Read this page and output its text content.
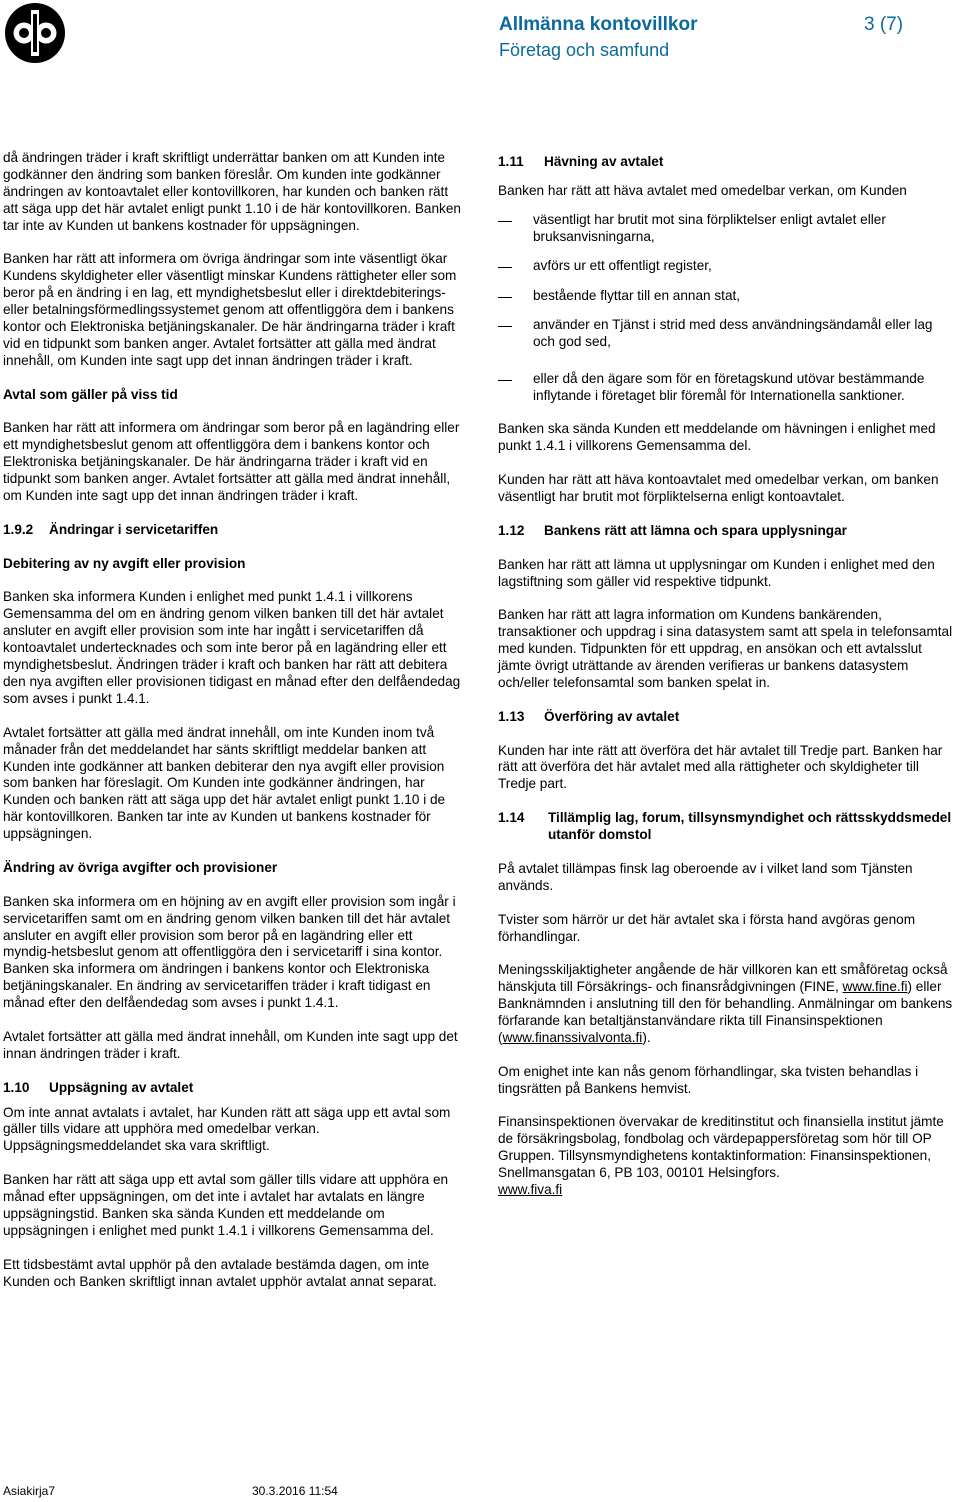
Allmänna kontovillkor
Företag och samfund
3 (7)

då ändringen träder i kraft skriftligt underrättar banken om att Kunden inte godkänner den ändring som banken föreslår. Om kunden inte godkänner ändringen av kontoavtalet eller kontovillkoren, har kunden och banken rätt att säga upp det här avtalet enligt punkt 1.10 i de här kontovillkoren. Banken tar inte av Kunden ut bankens kostnader för uppsägningen.

Banken har rätt att informera om övriga ändringar som inte väsentligt ökar Kundens skyldigheter eller väsentligt minskar Kundens rättigheter eller som beror på en ändring i en lag, ett myndighetsbeslut eller i direktdebiterings- eller betalningsförmedlingssystemet genom att offentliggöra dem i bankens kontor och Elektroniska betjäningskanaler. De här ändringarna träder i kraft vid en tidpunkt som banken anger. Avtalet fortsätter att gälla med ändrat innehåll, om Kunden inte sagt upp det innan ändringen träder i kraft.

Avtal som gäller på viss tid

Banken har rätt att informera om ändringar som beror på en lagändring eller ett myndighetsbeslut genom att offentliggöra dem i bankens kontor och Elektroniska betjäningskanaler. De här ändringarna träder i kraft vid en tidpunkt som banken anger. Avtalet fortsätter att gälla med ändrat innehåll, om Kunden inte sagt upp det innan ändringen träder i kraft.

1.9.2 Ändringar i servicetariffen
Debitering av ny avgift eller provision

Banken ska informera Kunden i enlighet med punkt 1.4.1 i villkorens Gemensamma del om en ändring genom vilken banken till det här avtalet ansluter en avgift eller provision som inte har ingått i servicetariffen då kontoavtalet undertecknades och som inte beror på en lagändring eller ett myndighetsbeslut. Ändringen träder i kraft och banken har rätt att debitera den nya avgiften eller provisionen tidigast en månad efter den delfåendedag som avses i punkt 1.4.1.

Avtalet fortsätter att gälla med ändrat innehåll, om inte Kunden inom två månader från det meddelandet har sänts skriftligt meddelar banken att Kunden inte godkänner att banken debiterar den nya avgift eller provision som banken har föreslagit. Om Kunden inte godkänner ändringen, har Kunden och banken rätt att säga upp det här avtalet enligt punkt 1.10 i de här kontovillkoren. Banken tar inte av Kunden ut bankens kostnader för uppsägningen.

Ändring av övriga avgifter och provisioner

Banken ska informera om en höjning av en avgift eller provision som ingår i servicetariffen samt om en ändring genom vilken banken till det här avtalet ansluter en avgift eller provision som beror på en lagändring eller ett myndig-hetsbeslut genom att offentliggöra den i servicetariff i sina kontor. Banken ska informera om ändringen i bankens kontor och Elektroniska betjäningskanaler. En ändring av servicetariffen träder i kraft tidigast en månad efter den delfåendedag som avses i punkt 1.4.1.

Avtalet fortsätter att gälla med ändrat innehåll, om Kunden inte sagt upp det innan ändringen träder i kraft.

1.10 Uppsägning av avtalet

Om inte annat avtalats i avtalet, har Kunden rätt att säga upp ett avtal som gäller tills vidare att upphöra med omedelbar verkan. Uppsägningsmeddelandet ska vara skriftligt.

Banken har rätt att säga upp ett avtal som gäller tills vidare att upphöra en månad efter uppsägningen, om det inte i avtalet har avtalats en längre uppsägningstid. Banken ska sända Kunden ett meddelande om uppsägningen i enlighet med punkt 1.4.1 i villkorens Gemensamma del.

Ett tidsbestämt avtal upphör på den avtalade bestämda dagen, om inte Kunden och Banken skriftligt innan avtalet upphör avtalat annat separat.

1.11 Hävning av avtalet

Banken har rätt att häva avtalet med omedelbar verkan, om Kunden

väsentligt har brutit mot sina förpliktelser enligt avtalet eller bruksanvisningarna,
avförs ur ett offentligt register,
bestående flyttar till en annan stat,
använder en Tjänst i strid med dess användningsändamål eller lag och god sed,
eller då den ägare som för en företagskund utövar bestämmande inflytande i företaget blir föremål för Internationella sanktioner.

Banken ska sända Kunden ett meddelande om hävningen i enlighet med punkt 1.4.1 i villkorens Gemensamma del.

Kunden har rätt att häva kontoavtalet med omedelbar verkan, om banken väsentligt har brutit mot förpliktelserna enligt kontoavtalet.

1.12 Bankens rätt att lämna och spara upplysningar

Banken har rätt att lämna ut upplysningar om Kunden i enlighet med den lagstiftning som gäller vid respektive tidpunkt.

Banken har rätt att lagra information om Kundens bankärenden, transaktioner och uppdrag i sina datasystem samt att spela in telefonsamtal med kunden. Tidpunkten för ett uppdrag, en ansökan och ett avtalsslut jämte övrigt uträttande av ärenden verifieras ur bankens datasystem och/eller telefonsamtal som banken spelat in.

1.13 Överföring av avtalet

Kunden har inte rätt att överföra det här avtalet till Tredje part. Banken har rätt att överföra det här avtalet med alla rättigheter och skyldigheter till Tredje part.

1.14	Tillämplig lag, forum, tillsynsmyndighet och rättsskyddsmedel utanför domstol

På avtalet tillämpas finsk lag oberoende av i vilket land som Tjänsten används.

Tvister som härrör ur det här avtalet ska i första hand avgöras genom förhandlingar.

Meningsskiljaktigheter angående de här villkoren kan ett småföretag också hänskjuta till Försäkrings- och finansrådgivningen (FINE, www.fine.fi) eller Banknämnden i anslutning till den för behandling. Anmälningar om bankens förfarande kan betaltjänstanvändare rikta till Finansinspektionen (www.finanssivalvonta.fi).

Om enighet inte kan nås genom förhandlingar, ska tvisten behandlas i tingsrätten på Bankens hemvist.

Finansinspektionen övervakar de kreditinstitut och finansiella institut jämte de försäkringsbolag, fondbolag och värdepappersföretag som hör till OP Gruppen. Tillsynsmyndighetens kontaktinformation: Finansinspektionen, Snellmansgatan 6, PB 103, 00101 Helsingfors.

www.fiva.fi

Asiakirja7	30.3.2016 11:54
